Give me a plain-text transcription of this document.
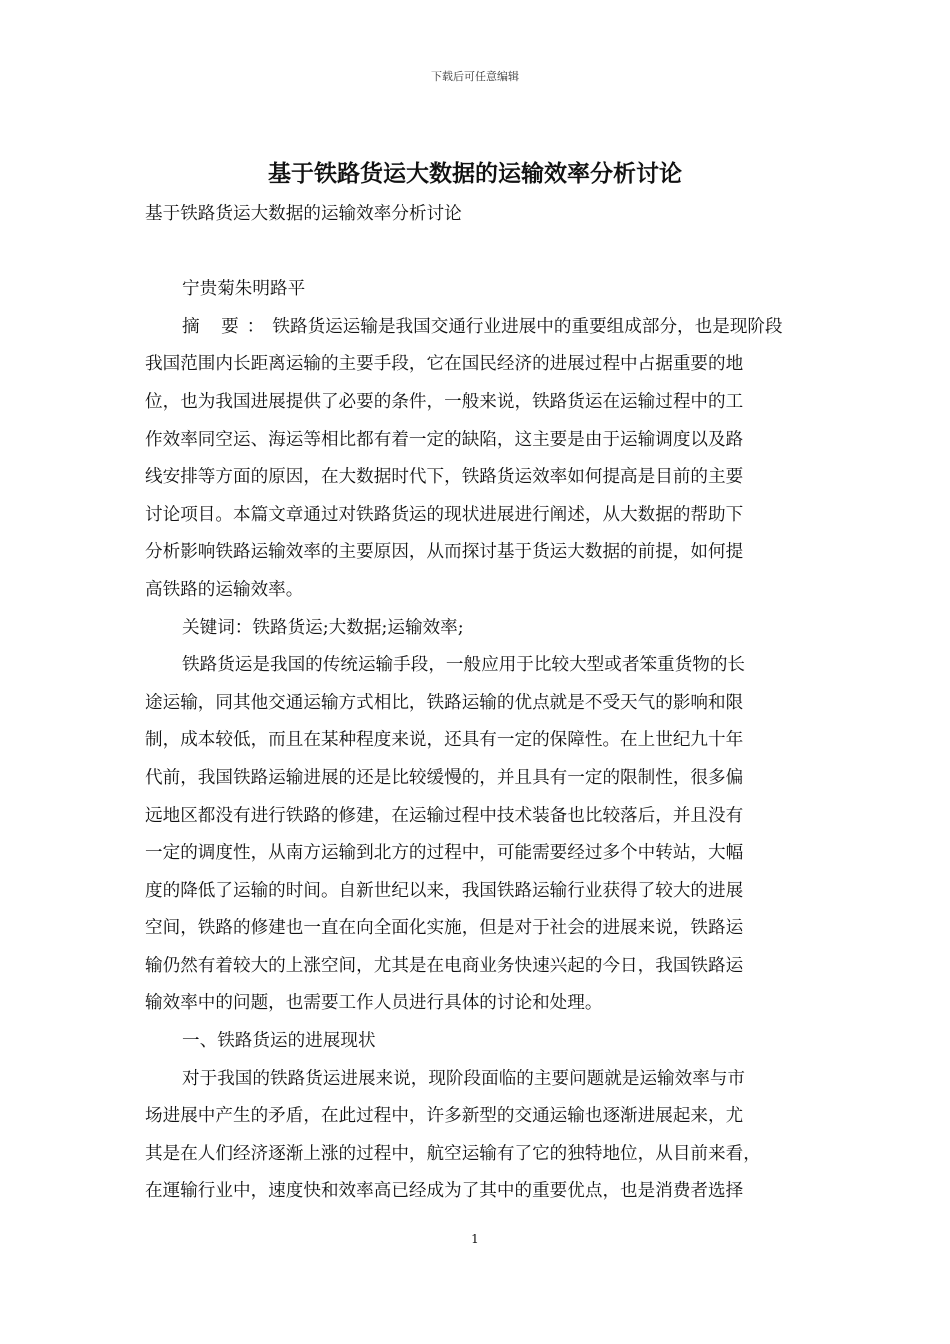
下载后可任意编辑
基于铁路货运大数据的运输效率分析讨论

基于铁路货运大数据的运输效率分析讨论

宁贵菊朱明路平

摘 要：铁路货运运输是我国交通行业进展中的重要组成部分，也是现阶段

我国范围内长距离运输的主要手段，它在国民经济的进展过程中占据重要的地

位，也为我国进展提供了必要的条件，一般来说，铁路货运在运输过程中的工

作效率同空运、海运等相比都有着一定的缺陷，这主要是由于运输调度以及路

线安排等方面的原因，在大数据时代下，铁路货运效率如何提高是目前的主要

讨论项目。本篇文章通过对铁路货运的现状进展进行阐述，从大数据的帮助下

分析影响铁路运输效率的主要原因，从而探讨基于货运大数据的前提，如何提

高铁路的运输效率。

关键词：铁路货运;大数据;运输效率;

铁路货运是我国的传统运输手段，一般应用于比较大型或者笨重货物的长

途运输，同其他交通运输方式相比，铁路运输的优点就是不受天气的影响和限

制，成本较低，而且在某种程度来说，还具有一定的保障性。在上世纪九十年

代前，我国铁路运输进展的还是比较缓慢的，并且具有一定的限制性，很多偏

远地区都没有进行铁路的修建，在运输过程中技术装备也比较落后，并且没有

一定的调度性，从南方运输到北方的过程中，可能需要经过多个中转站，大幅

度的降低了运输的时间。自新世纪以来，我国铁路运输行业获得了较大的进展

空间，铁路的修建也一直在向全面化实施，但是对于社会的进展来说，铁路运

输仍然有着较大的上涨空间，尤其是在电商业务快速兴起的今日，我国铁路运

输效率中的问题，也需要工作人员进行具体的讨论和处理。

一、铁路货运的进展现状

对于我国的铁路货运进展来说，现阶段面临的主要问题就是运输效率与市

场进展中产生的矛盾，在此过程中，许多新型的交通运输也逐渐进展起来，尤

其是在人们经济逐渐上涨的过程中，航空运输有了它的独特地位，从目前来看，

在運输行业中，速度快和效率高已经成为了其中的重要优点，也是消费者选择

1
